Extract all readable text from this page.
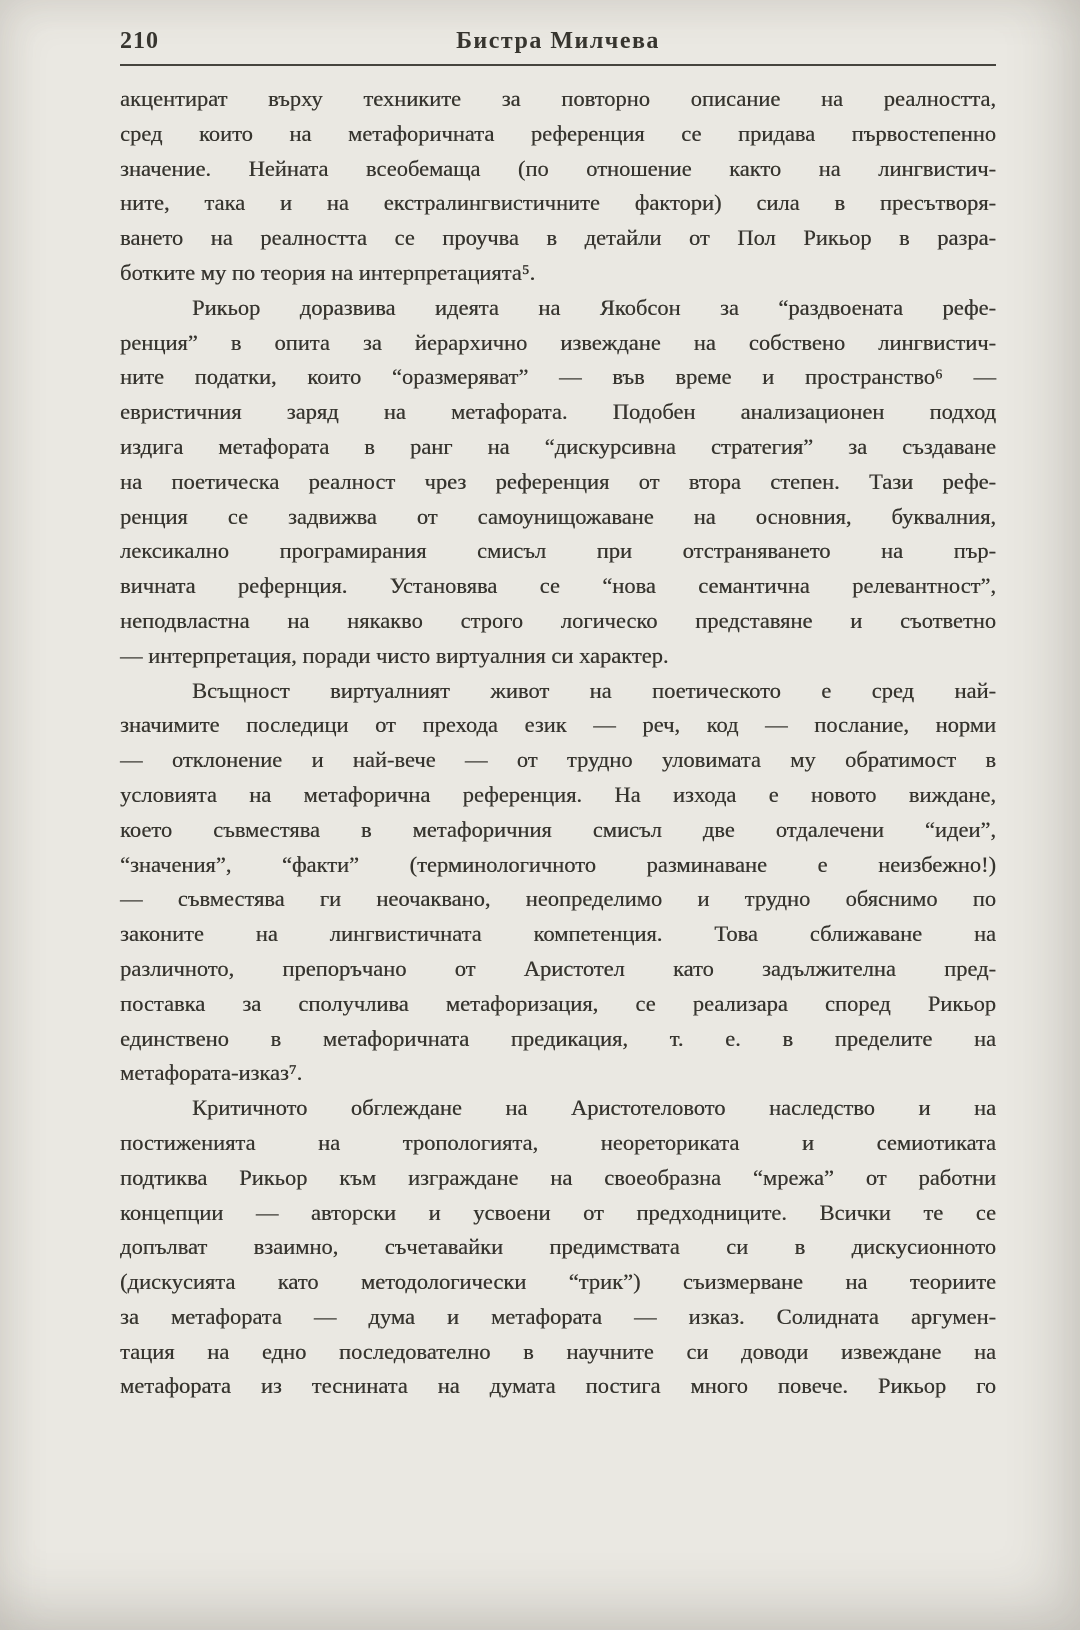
210	Бистра Милчева
акцентират върху техниките за повторно описание на реалността,
сред които на метафоричната референция се придава първостепенно
значение. Нейната всеобемаща (по отношение както на лингвистич-
ните, така и на екстралингвистичните фактори) сила в пресътворя-
ването на реалността се проучва в детайли от Пол Рикьор в разра-
ботките му по теория на интерпретацията⁵.
Рикьор доразвива идеята на Якобсон за “раздвоената рефе-
ренция” в опита за йерархично извеждане на собствено лингвистич-
ните податки, които “оразмеряват” — във време и пространство⁶ —
евристичния заряд на метафората. Подобен анализационен подход
издига метафората в ранг на “дискурсивна стратегия” за създаване
на поетическа реалност чрез референция от втора степен. Тази рефе-
ренция се задвижва от самоунищожаване на основния, буквалния,
лексикално програмирания смисъл при отстраняването на пър-
вичната рефернция. Установява се “нова семантична релевантност”,
неподвластна на някакво строго логическо представяне и съответно
— интерпретация, поради чисто виртуалния си характер.
Всъщност виртуалният живот на поетическото е сред най-
значимите последици от прехода език — реч, код — послание, норми
— отклонение и най-вече — от трудно уловимата му обратимост в
условията на метафорична референция. На изхода е новото виждане,
което съвместява в метафоричния смисъл две отдалечени “идеи”,
“значения”, “факти” (терминологичното разминаване е неизбежно!)
— съвместява ги неочаквано, неопределимо и трудно обяснимо по
законите на лингвистичната компетенция. Това сближаване на
различното, препоръчано от Аристотел като задължителна пред-
поставка за сполучлива метафоризация, се реализара според Рикьор
единствено в метафоричната предикация, т. е. в пределите на
метафората-изказ⁷.
Критичното обглеждане на Аристотеловото наследство и на
постиженията на тропологията, неореториката и семиотиката
подтиква Рикьор към изграждане на своеобразна “мрежа” от работни
концепции — авторски и усвоени от предходниците. Всички те се
допълват взаимно, съчетавайки предимствата си в дискусионното
(дискусията като методологически “трик”) съизмерване на теориите
за метафората — дума и метафората — изказ. Солидната аргумен-
тация на едно последователно в научните си доводи извеждане на
метафората из теснината на думата постига много повече. Рикьор го
